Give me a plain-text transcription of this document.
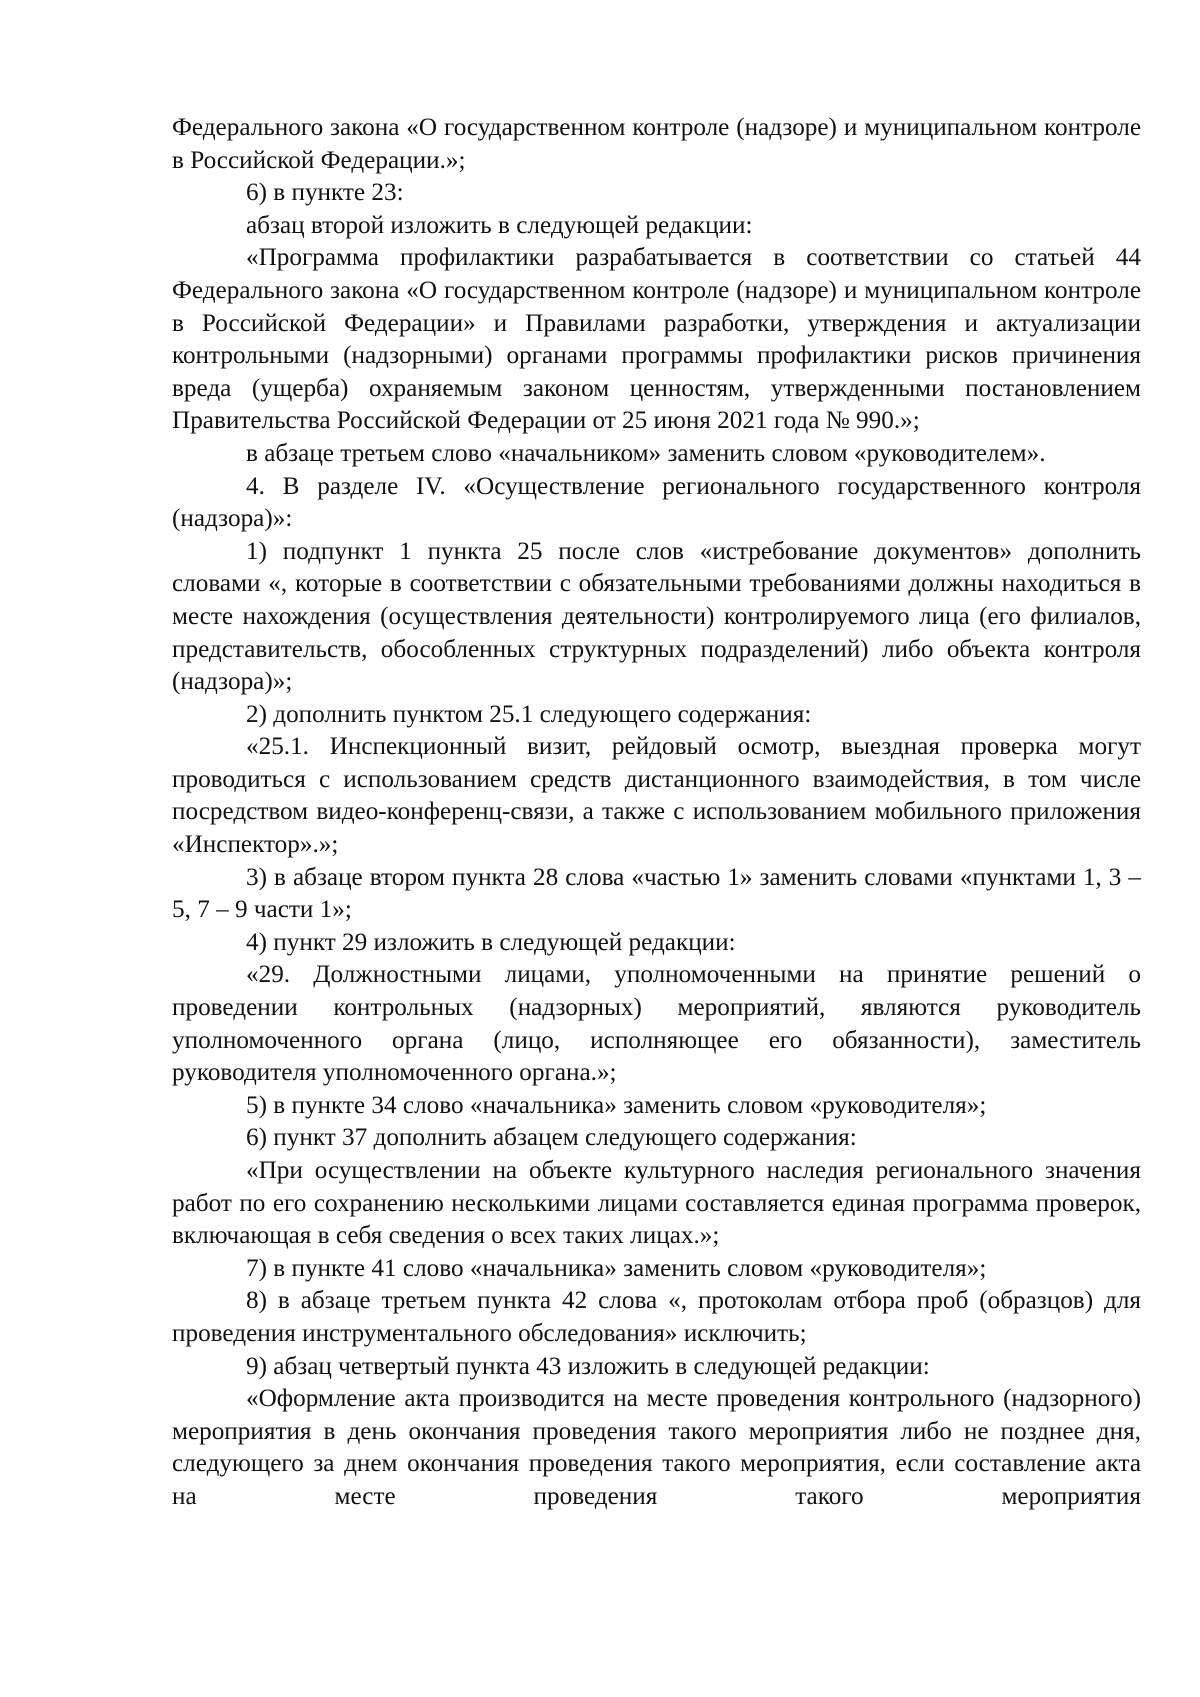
Федерального закона «О государственном контроле (надзоре) и муниципальном контроле в Российской Федерации.»;

6) в пункте 23:

абзац второй изложить в следующей редакции:

«Программа профилактики разрабатывается в соответствии со статьей 44 Федерального закона «О государственном контроле (надзоре) и муниципальном контроле в Российской Федерации» и Правилами разработки, утверждения и актуализации контрольными (надзорными) органами программы профилактики рисков причинения вреда (ущерба) охраняемым законом ценностям, утвержденными постановлением Правительства Российской Федерации от 25 июня 2021 года № 990.»;

в абзаце третьем слово «начальником» заменить словом «руководителем».

4. В разделе IV. «Осуществление регионального государственного контроля (надзора)»:

1) подпункт 1 пункта 25 после слов «истребование документов» дополнить словами «, которые в соответствии с обязательными требованиями должны находиться в месте нахождения (осуществления деятельности) контролируемого лица (его филиалов, представительств, обособленных структурных подразделений) либо объекта контроля (надзора)»;

2) дополнить пунктом 25.1 следующего содержания:

«25.1. Инспекционный визит, рейдовый осмотр, выездная проверка могут проводиться с использованием средств дистанционного взаимодействия, в том числе посредством видео-конференц-связи, а также с использованием мобильного приложения «Инспектор».»;

3) в абзаце втором пункта 28 слова «частью 1» заменить словами «пунктами 1, 3 – 5, 7 – 9 части 1»;

4) пункт 29 изложить в следующей редакции:

«29. Должностными лицами, уполномоченными на принятие решений о проведении контрольных (надзорных) мероприятий, являются руководитель уполномоченного органа (лицо, исполняющее его обязанности), заместитель руководителя уполномоченного органа.»;

5) в пункте 34 слово «начальника» заменить словом «руководителя»;

6) пункт 37 дополнить абзацем следующего содержания:

«При осуществлении на объекте культурного наследия регионального значения работ по его сохранению несколькими лицами составляется единая программа проверок, включающая в себя сведения о всех таких лицах.»;

7) в пункте 41 слово «начальника» заменить словом «руководителя»;

8) в абзаце третьем пункта 42 слова «, протоколам отбора проб (образцов) для проведения инструментального обследования» исключить;

9) абзац четвертый пункта 43 изложить в следующей редакции:

«Оформление акта производится на месте проведения контрольного (надзорного) мероприятия в день окончания проведения такого мероприятия либо не позднее дня, следующего за днем окончания проведения такого мероприятия, если составление акта на месте проведения такого мероприятия
